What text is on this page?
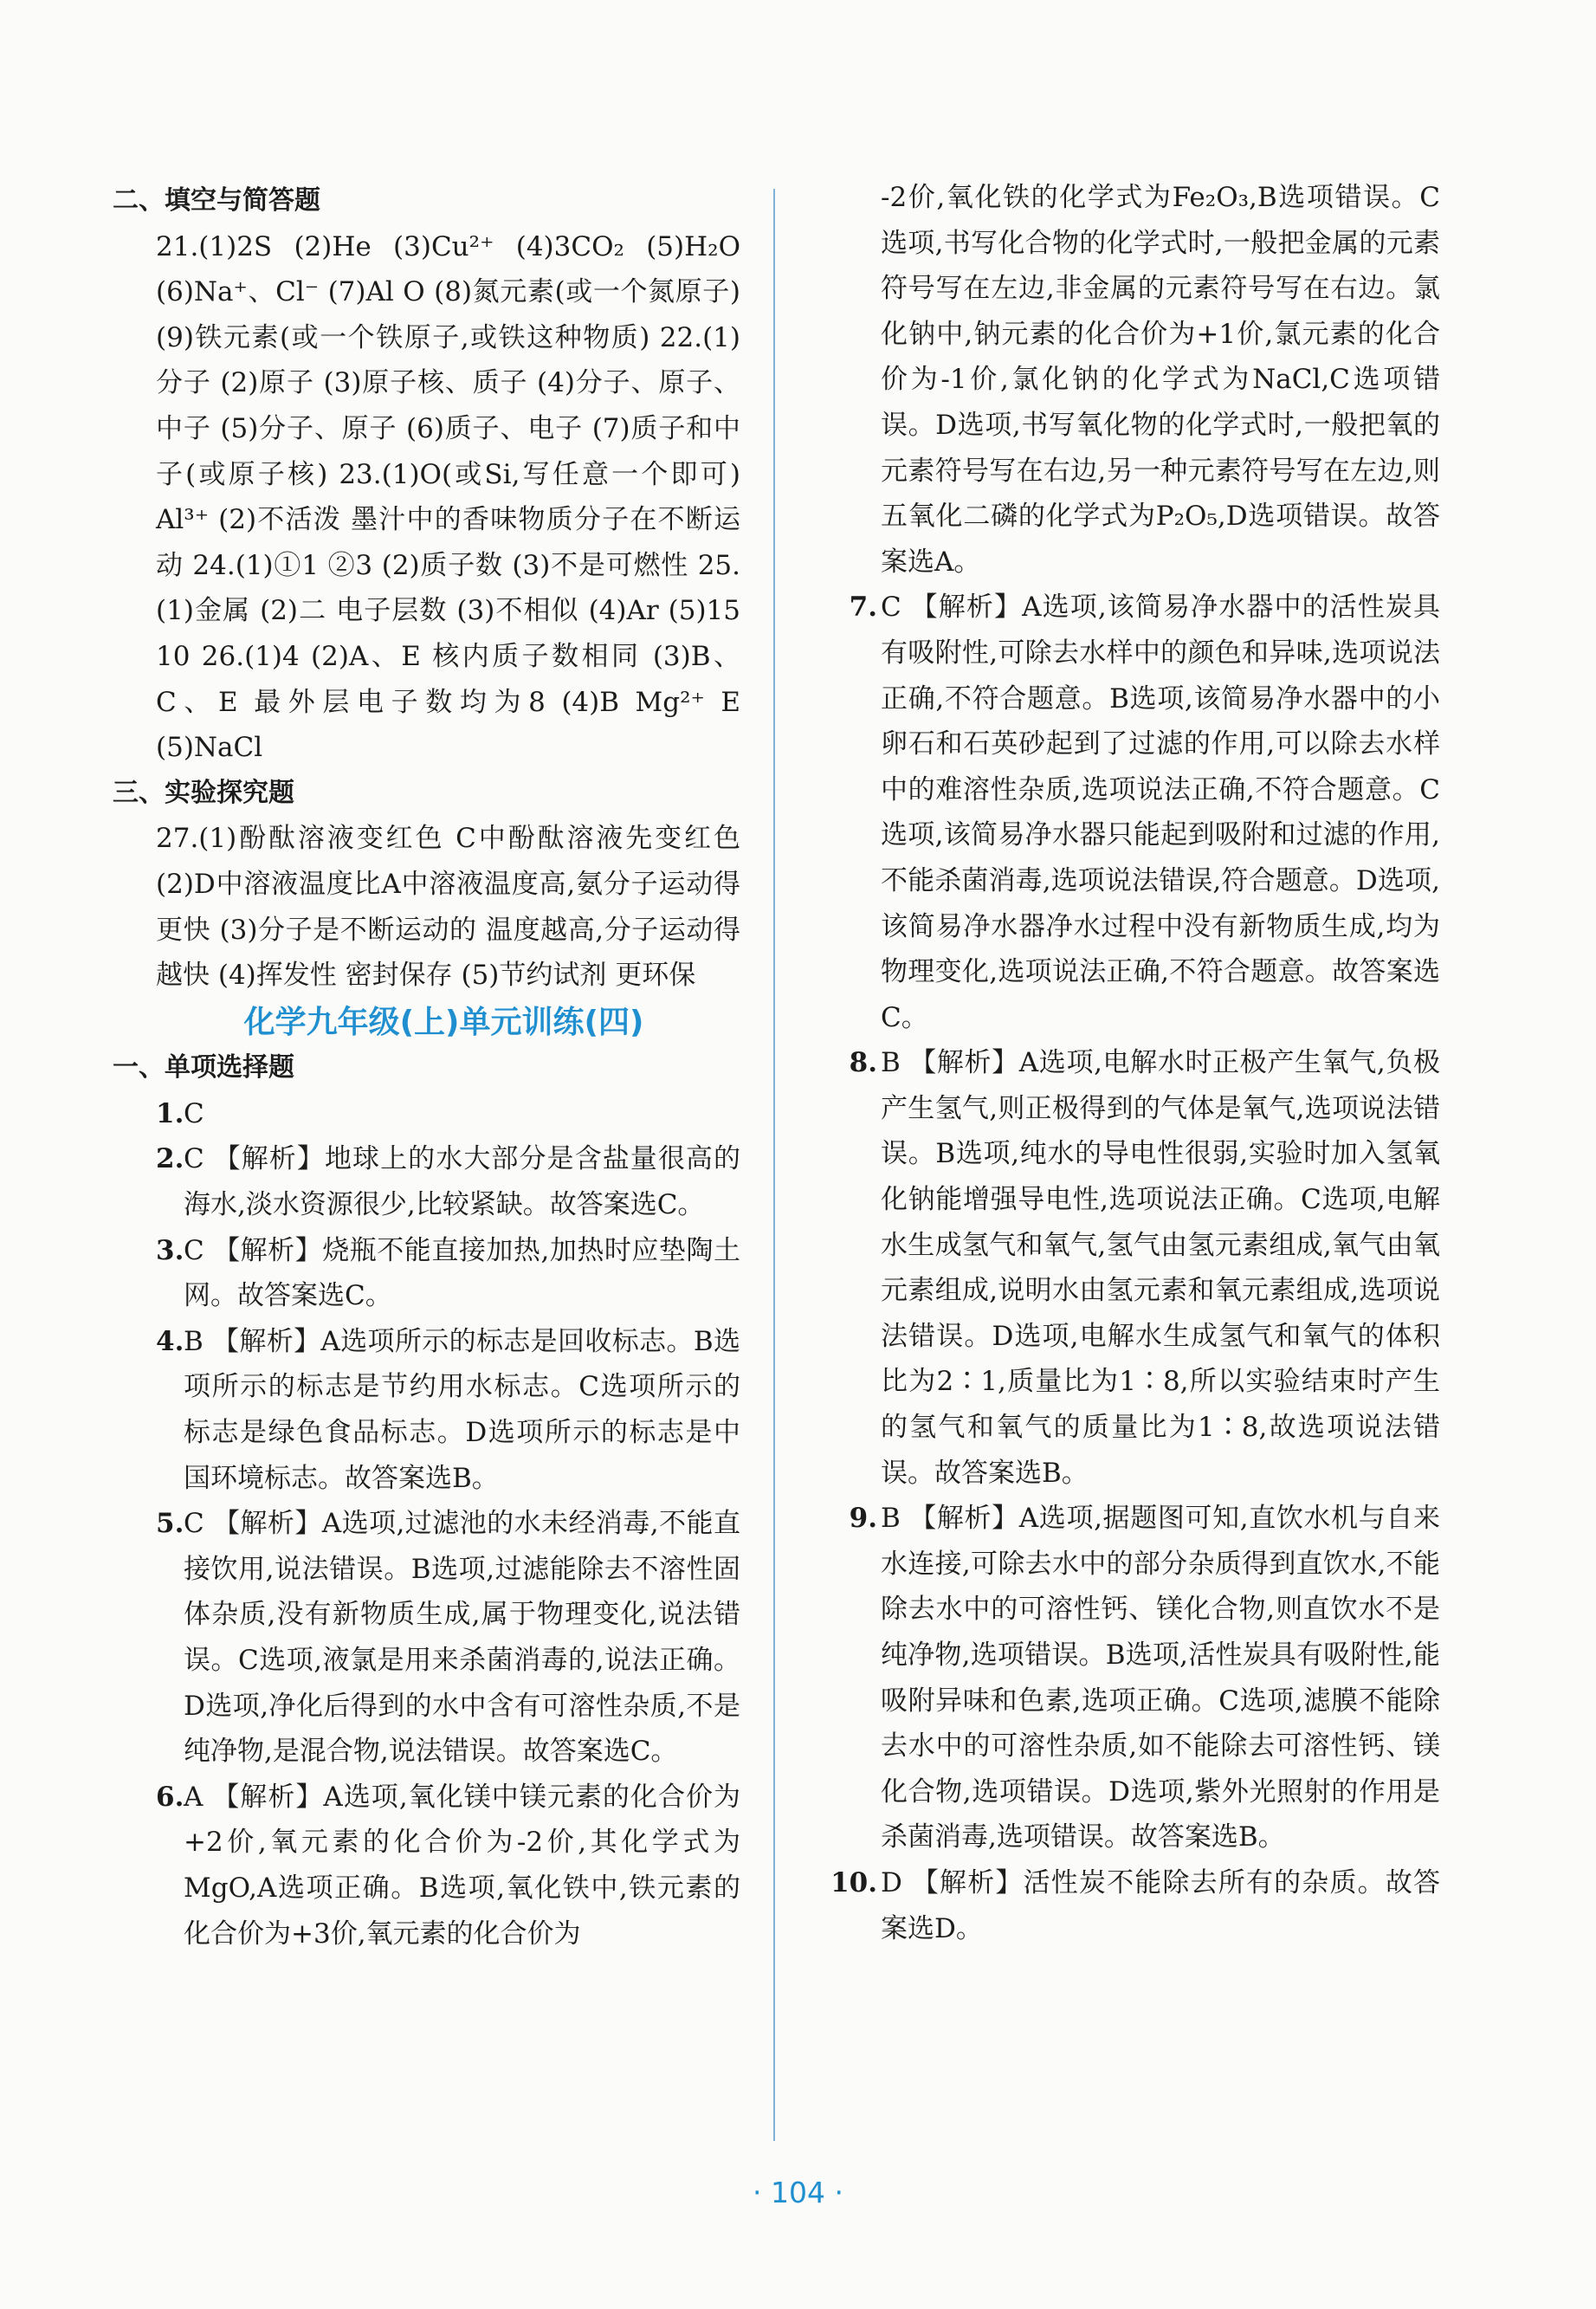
二、填空与简答题

21.(1)2S (2)He (3)Cu²⁺ (4)3CO₂ (5)H₂O (6)Na⁺、Cl⁻ (7)Al O (8)氮元素(或一个氮原子) (9)铁元素(或一个铁原子,或铁这种物质) 22.(1)分子 (2)原子 (3)原子核、质子 (4)分子、原子、中子 (5)分子、原子 (6)质子、电子 (7)质子和中子(或原子核) 23.(1)O(或Si,写任意一个即可) Al³⁺ (2)不活泼 墨汁中的香味物质分子在不断运动 24.(1)①1 ②3 (2)质子数 (3)不是可燃性 25.(1)金属 (2)二 电子层数 (3)不相似 (4)Ar (5)15 10 26.(1)4 (2)A、E 核内质子数相同 (3)B、C、E 最外层电子数均为8 (4)B Mg²⁺ E (5)NaCl

三、实验探究题

27.(1)酚酞溶液变红色 C中酚酞溶液先变红色 (2)D中溶液温度比A中溶液温度高,氨分子运动得更快 (3)分子是不断运动的 温度越高,分子运动得越快 (4)挥发性 密封保存 (5)节约试剂 更环保

化学九年级(上)单元训练(四)

一、单项选择题

1. C
2. C 【解析】地球上的水大部分是含盐量很高的海水,淡水资源很少,比较紧缺。故答案选C。
3. C 【解析】烧瓶不能直接加热,加热时应垫陶土网。故答案选C。
4. B 【解析】A选项所示的标志是回收标志。B选项所示的标志是节约用水标志。C选项所示的标志是绿色食品标志。D选项所示的标志是中国环境标志。故答案选B。
5. C 【解析】A选项,过滤池的水未经消毒,不能直接饮用,说法错误。B选项,过滤能除去不溶性固体杂质,没有新物质生成,属于物理变化,说法错误。C选项,液氯是用来杀菌消毒的,说法正确。D选项,净化后得到的水中含有可溶性杂质,不是纯净物,是混合物,说法错误。故答案选C。
6. A 【解析】A选项,氧化镁中镁元素的化合价为+2价,氧元素的化合价为-2价,其化学式为MgO,A选项正确。B选项,氧化铁中,铁元素的化合价为+3价,氧元素的化合价为

-2价,氧化铁的化学式为Fe₂O₃,B选项错误。C选项,书写化合物的化学式时,一般把金属的元素符号写在左边,非金属的元素符号写在右边。氯化钠中,钠元素的化合价为+1价,氯元素的化合价为-1价,氯化钠的化学式为NaCl,C选项错误。D选项,书写氧化物的化学式时,一般把氧的元素符号写在右边,另一种元素符号写在左边,则五氧化二磷的化学式为P₂O₅,D选项错误。故答案选A。

7. C 【解析】A选项,该简易净水器中的活性炭具有吸附性,可除去水样中的颜色和异味,选项说法正确,不符合题意。B选项,该简易净水器中的小卵石和石英砂起到了过滤的作用,可以除去水样中的难溶性杂质,选项说法正确,不符合题意。C选项,该简易净水器只能起到吸附和过滤的作用,不能杀菌消毒,选项说法错误,符合题意。D选项,该简易净水器净水过程中没有新物质生成,均为物理变化,选项说法正确,不符合题意。故答案选C。
8. B 【解析】A选项,电解水时正极产生氧气,负极产生氢气,则正极得到的气体是氧气,选项说法错误。B选项,纯水的导电性很弱,实验时加入氢氧化钠能增强导电性,选项说法正确。C选项,电解水生成氢气和氧气,氢气由氢元素组成,氧气由氧元素组成,说明水由氢元素和氧元素组成,选项说法错误。D选项,电解水生成氢气和氧气的体积比为2∶1,质量比为1∶8,所以实验结束时产生的氢气和氧气的质量比为1∶8,故选项说法错误。故答案选B。
9. B 【解析】A选项,据题图可知,直饮水机与自来水连接,可除去水中的部分杂质得到直饮水,不能除去水中的可溶性钙、镁化合物,则直饮水不是纯净物,选项错误。B选项,活性炭具有吸附性,能吸附异味和色素,选项正确。C选项,滤膜不能除去水中的可溶性杂质,如不能除去可溶性钙、镁化合物,选项错误。D选项,紫外光照射的作用是杀菌消毒,选项错误。故答案选B。
10. D 【解析】活性炭不能除去所有的杂质。故答案选D。
· 104 ·
